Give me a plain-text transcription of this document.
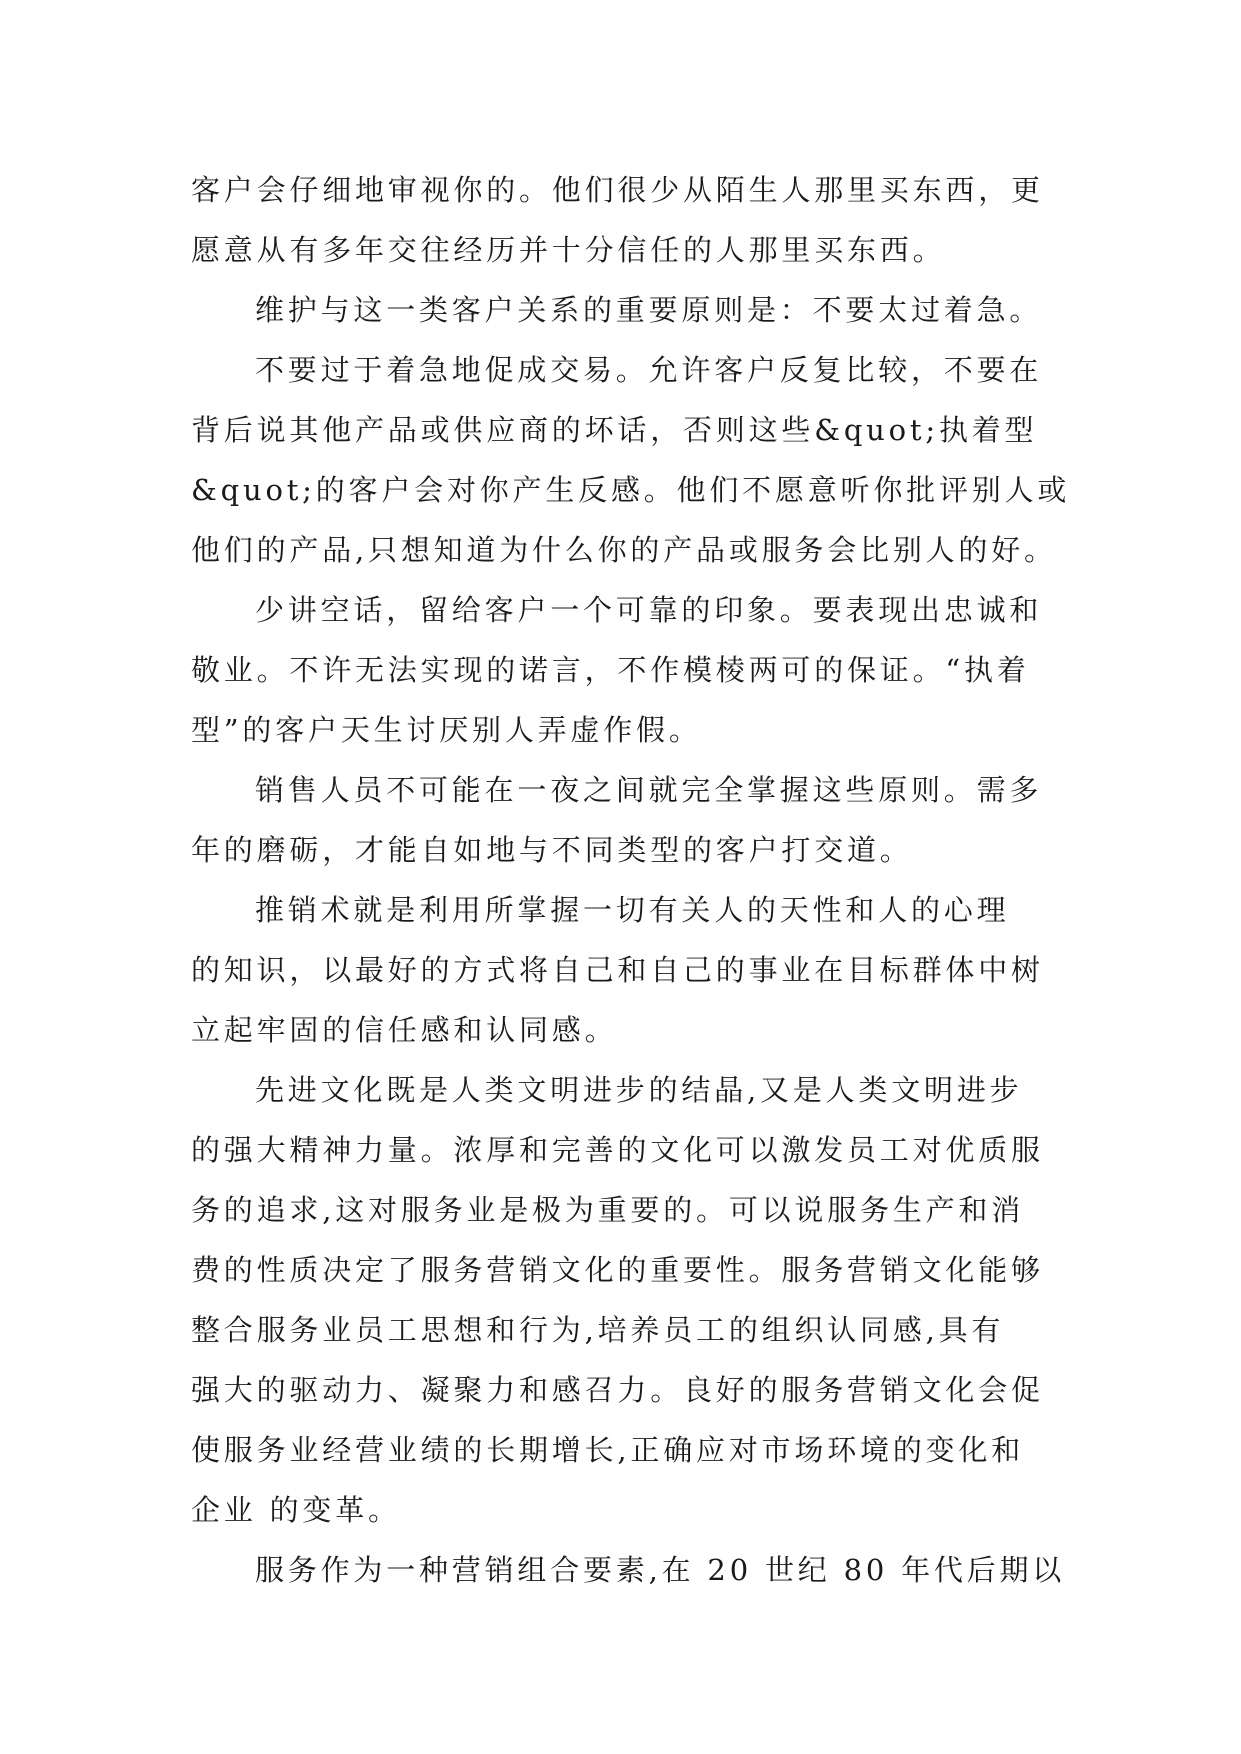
客户会仔细地审视你的。他们很少从陌生人那里买东西，更
愿意从有多年交往经历并十分信任的人那里买东西。
维护与这一类客户关系的重要原则是：不要太过着急。
不要过于着急地促成交易。允许客户反复比较，不要在
背后说其他产品或供应商的坏话，否则这些&quot;执着型
&quot;的客户会对你产生反感。他们不愿意听你批评别人或
他们的产品,只想知道为什么你的产品或服务会比别人的好。
少讲空话，留给客户一个可靠的印象。要表现出忠诚和
敬业。不许无法实现的诺言，不作模棱两可的保证。“执着
型”的客户天生讨厌别人弄虚作假。
销售人员不可能在一夜之间就完全掌握这些原则。需多
年的磨砺，才能自如地与不同类型的客户打交道。
推销术就是利用所掌握一切有关人的天性和人的心理
的知识，以最好的方式将自己和自己的事业在目标群体中树
立起牢固的信任感和认同感。
先进文化既是人类文明进步的结晶,又是人类文明进步
的强大精神力量。浓厚和完善的文化可以激发员工对优质服
务的追求,这对服务业是极为重要的。可以说服务生产和消
费的性质决定了服务营销文化的重要性。服务营销文化能够
整合服务业员工思想和行为,培养员工的组织认同感,具有
强大的驱动力、凝聚力和感召力。良好的服务营销文化会促
使服务业经营业绩的长期增长,正确应对市场环境的变化和
企业 的变革。
服务作为一种营销组合要素,在 20 世纪 80 年代后期以
